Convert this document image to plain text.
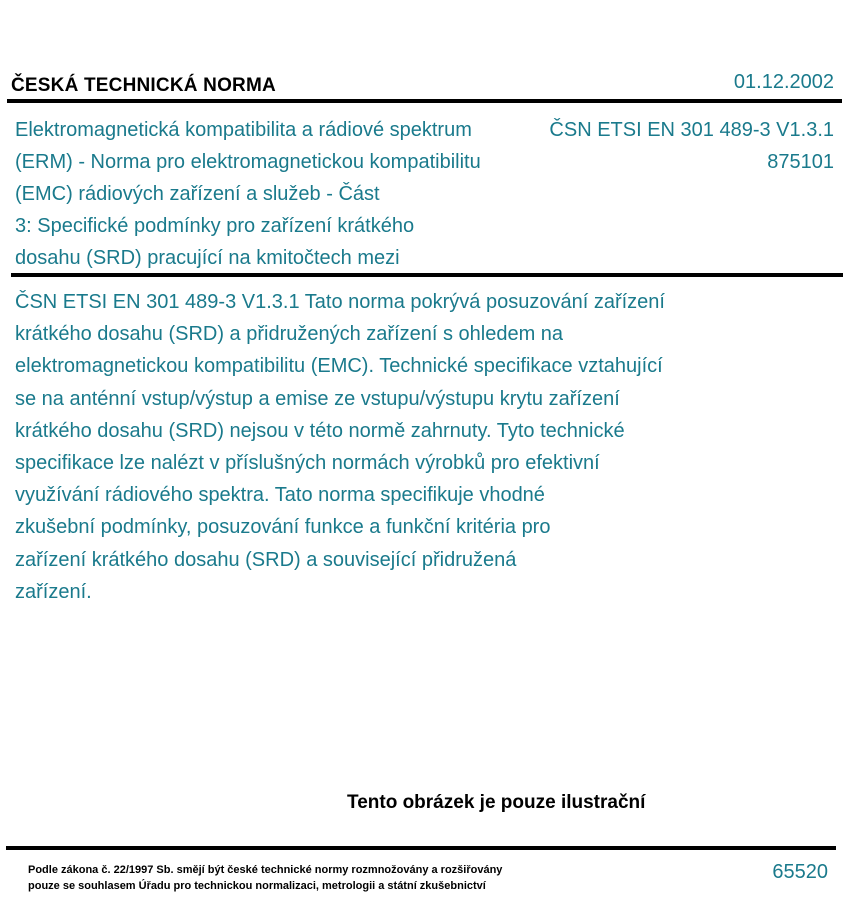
ČESKÁ TECHNICKÁ NORMA	01.12.2002
Elektromagnetická kompatibilita a rádiové spektrum
(ERM) - Norma pro elektromagnetickou kompatibilitu
(EMC) rádiových zařízení a služeb - Část
3: Specifické podmínky pro zařízení krátkého
dosahu (SRD) pracující na kmitočtech mezi
ČSN ETSI EN 301 489-3 V1.3.1
875101
ČSN ETSI EN 301 489-3 V1.3.1 Tato norma pokrývá posuzování zařízení
krátkého dosahu (SRD) a přidružených zařízení s ohledem na
elektromagnetickou kompatibilitu (EMC). Technické specifikace vztahující
se na anténní vstup/výstup a emise ze vstupu/výstupu krytu zařízení
krátkého dosahu (SRD) nejsou v této normě zahrnuty. Tyto technické
specifikace lze nalézt v příslušných normách výrobků pro efektivní
využívání rádiového spektra. Tato norma specifikuje vhodné
zkušební podmínky, posuzování funkce a funkční kritéria pro
zařízení krátkého dosahu (SRD) a související přidružená
zařízení.
Tento obrázek je pouze ilustrační
Podle zákona č. 22/1997 Sb. smějí být české technické normy rozmnožovány a rozšiřovány
pouze se souhlasem Úřadu pro technickou normalizaci, metrologii a státní zkušebnictví
65520
